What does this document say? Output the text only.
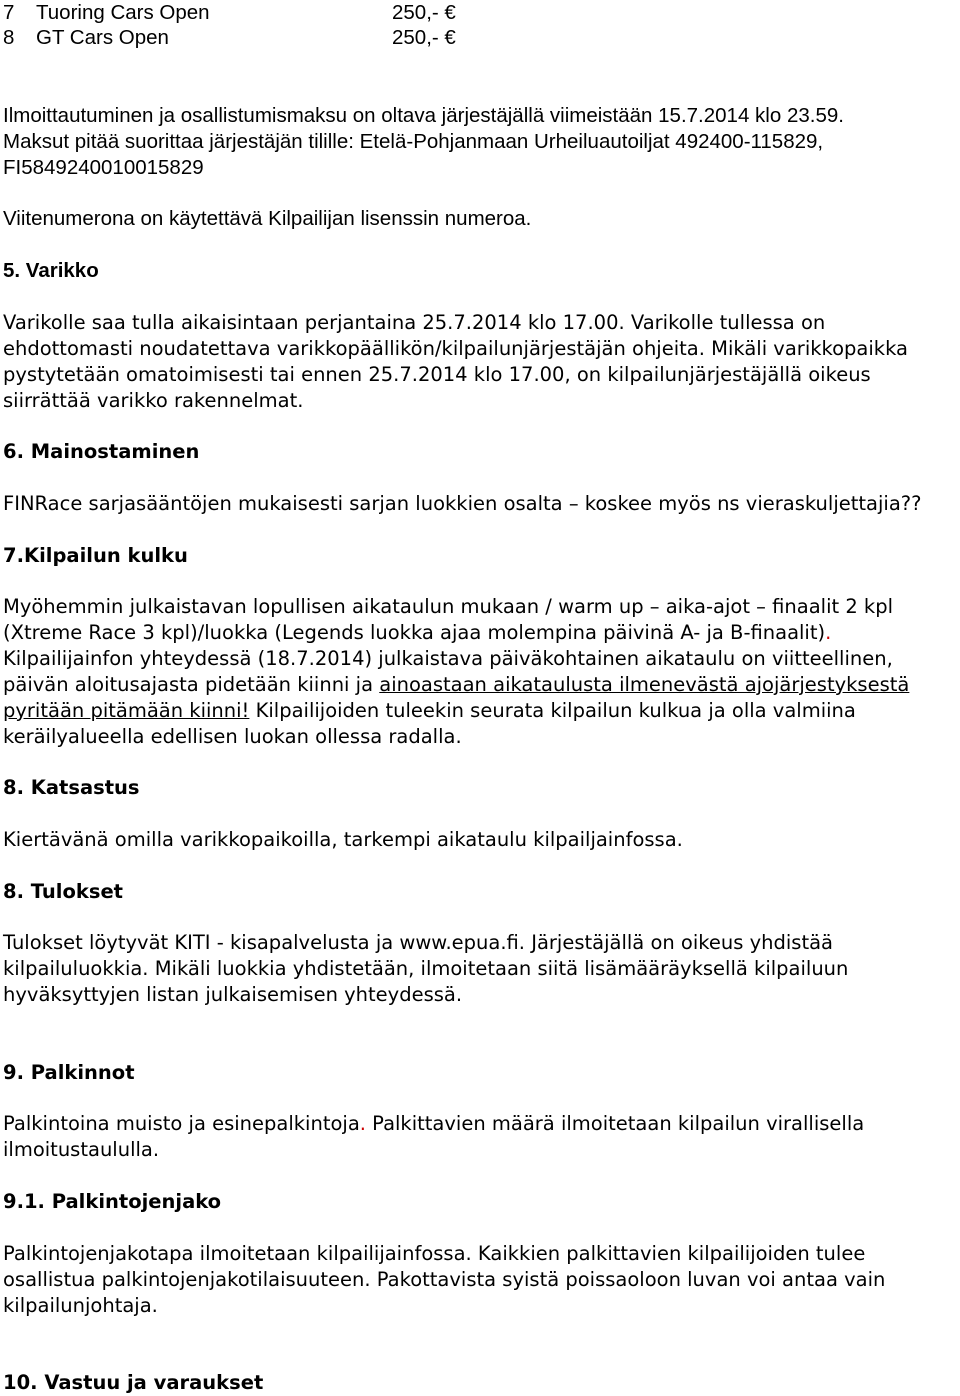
7 Tuoring Cars Open	250,- €
8 GT Cars Open	250,- €

Ilmoittautuminen ja osallistumismaksu on oltava järjestäjällä viimeistään 15.7.2014 klo 23.59.

Maksut pitää suorittaa järjestäjän tilille: Etelä-Pohjanmaan Urheiluautoiljat 492400-115829,

FI5849240010015829

Viitenumerona on käytettävä Kilpailijan lisenssin numeroa.

5. Varikko

Varikolle saa tulla aikaisintaan perjantaina 25.7.2014 klo 17.00. Varikolle tullessa on

ehdottomasti noudatettava varikkopäällikön/kilpailunjärjestäjän ohjeita. Mikäli varikkopaikka

pystytetään omatoimisesti tai ennen 25.7.2014 klo 17.00, on kilpailunjärjestäjällä oikeus

siirrättää varikko rakennelmat.

6. Mainostaminen

FINRace sarjasääntöjen mukaisesti sarjan luokkien osalta – koskee myös ns vieraskuljettajia??

7.Kilpailun kulku

Myöhemmin julkaistavan lopullisen aikataulun mukaan / warm up – aika-ajot – finaalit 2 kpl

(Xtreme Race 3 kpl)/luokka (Legends luokka ajaa molempina päivinä A- ja B-finaalit).

Kilpailijainfon yhteydessä (18.7.2014) julkaistava päiväkohtainen aikataulu on viitteellinen,

päivän aloitusajasta pidetään kiinni ja ainoastaan aikataulusta ilmenevästä ajojärjestyksestä

pyritään pitämään kiinni! Kilpailijoiden tuleekin seurata kilpailun kulkua ja olla valmiina

keräilyalueella edellisen luokan ollessa radalla.

8. Katsastus

Kiertävänä omilla varikkopaikoilla, tarkempi aikataulu kilpailjainfossa.

8. Tulokset

Tulokset löytyvät KITI - kisapalvelusta ja www.epua.fi. Järjestäjällä on oikeus yhdistää

kilpailuluokkia. Mikäli luokkia yhdistetään, ilmoitetaan siitä lisämääräyksellä kilpailuun

hyväksyttyjen listan julkaisemisen yhteydessä.

9. Palkinnot

Palkintoina muisto ja esinepalkintoja. Palkittavien määrä ilmoitetaan kilpailun virallisella

ilmoitustaululla.

9.1. Palkintojenjako

Palkintojenjakotapa ilmoitetaan kilpailijainfossa. Kaikkien palkittavien kilpailijoiden tulee

osallistua palkintojenjakotilaisuuteen. Pakottavista syistä poissaoloon luvan voi antaa vain

kilpailunjohtaja.

10. Vastuu ja varaukset
